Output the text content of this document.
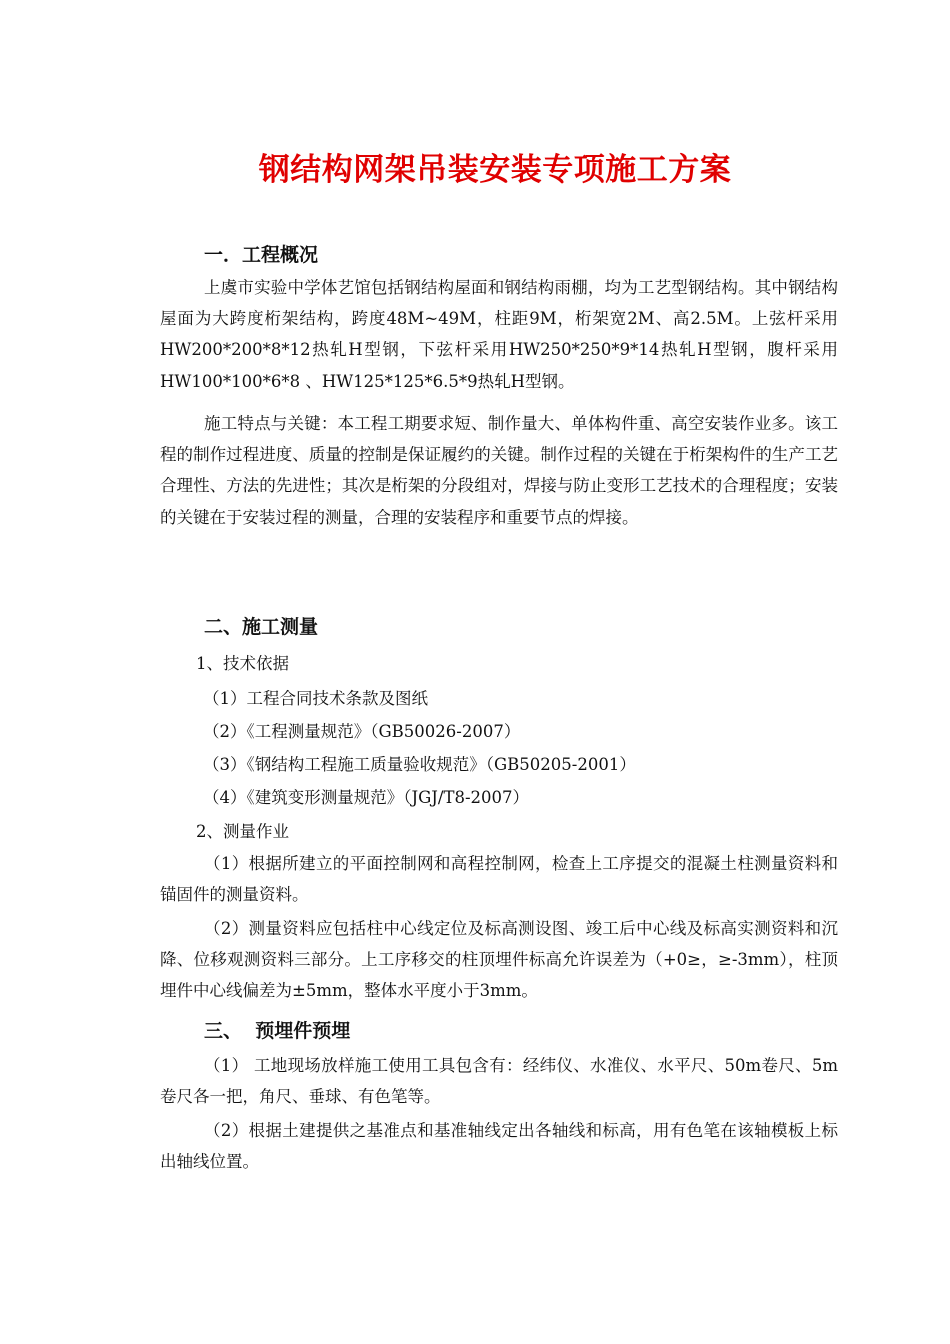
钢结构网架吊装安装专项施工方案
一．工程概况

上虞市实验中学体艺馆包括钢结构屋面和钢结构雨棚，均为工艺型钢结构。其中钢结构屋面为大跨度桁架结构，跨度48M~49M，柱距9M，桁架宽2M、高2.5M。上弦杆采用HW200*200*8*12热轧H型钢，下弦杆采用HW250*250*9*14热轧H型钢，腹杆采用HW100*100*6*8 、HW125*125*6.5*9热轧H型钢。

施工特点与关键：本工程工期要求短、制作量大、单体构件重、高空安装作业多。该工程的制作过程进度、质量的控制是保证履约的关键。制作过程的关键在于桁架构件的生产工艺合理性、方法的先进性；其次是桁架的分段组对，焊接与防止变形工艺技术的合理程度；安装的关键在于安装过程的测量，合理的安装程序和重要节点的焊接。

二、施工测量
1、技术依据
（1）工程合同技术条款及图纸
（2）《工程测量规范》（GB50026-2007）
（3）《钢结构工程施工质量验收规范》（GB50205-2001）
（4）《建筑变形测量规范》（JGJ/T8-2007）
2、测量作业

（1）根据所建立的平面控制网和高程控制网，检查上工序提交的混凝土柱测量资料和锚固件的测量资料。

（2）测量资料应包括柱中心线定位及标高测设图、竣工后中心线及标高实测资料和沉降、位移观测资料三部分。上工序移交的柱顶埋件标高允许误差为（+0≥，≥-3mm），柱顶埋件中心线偏差为±5mm，整体水平度小于3mm。

三、  预埋件预埋

（1） 工地现场放样施工使用工具包含有：经纬仪、水准仪、水平尺、50m卷尺、5m卷尺各一把，角尺、垂球、有色笔等。

（2）根据土建提供之基准点和基准轴线定出各轴线和标高，用有色笔在该轴模板上标出轴线位置。
